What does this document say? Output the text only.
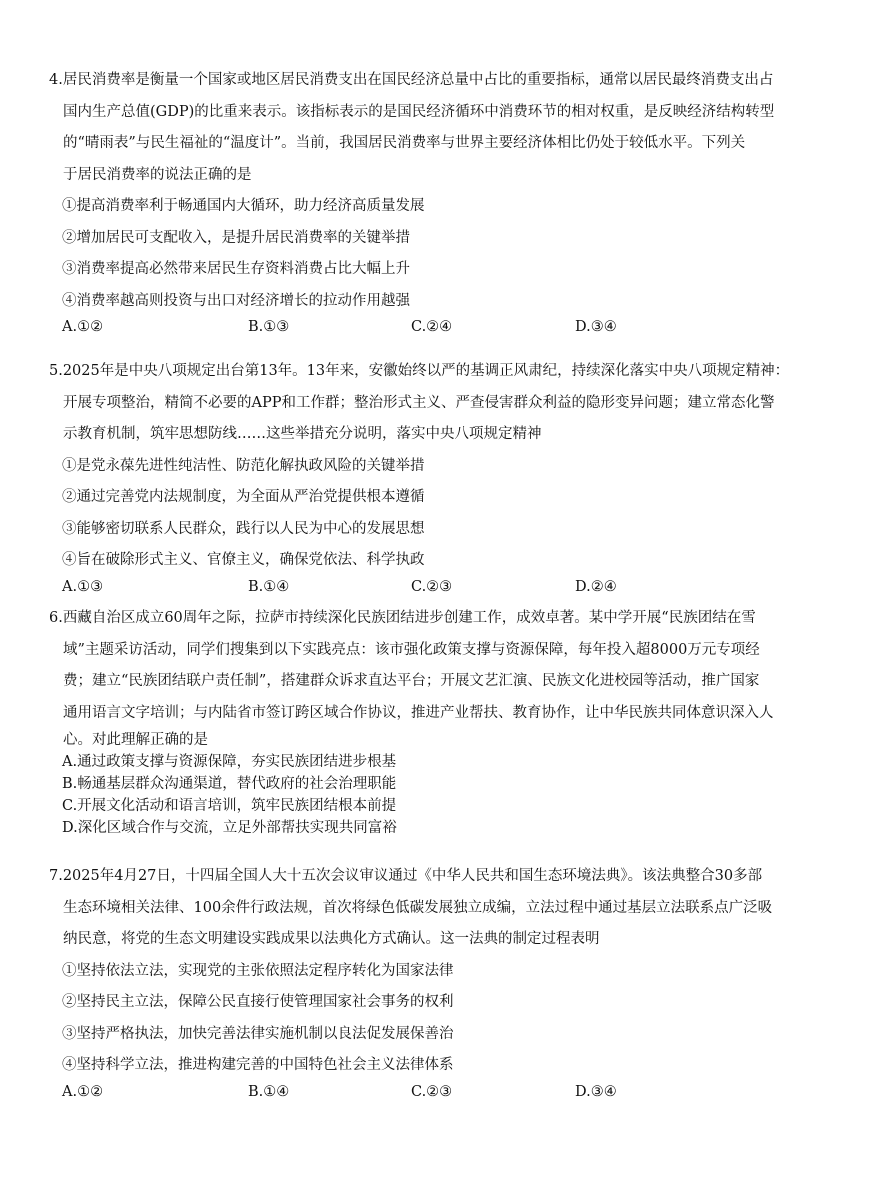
4.居民消费率是衡量一个国家或地区居民消费支出在国民经济总量中占比的重要指标，通常以居民最终消费支出占
国内生产总值(GDP)的比重来表示。该指标表示的是国民经济循环中消费环节的相对权重，是反映经济结构转型
的“晴雨表”与民生福祉的“温度计”。当前，我国居民消费率与世界主要经济体相比仍处于较低水平。下列关
于居民消费率的说法正确的是
①提高消费率利于畅通国内大循环，助力经济高质量发展
②增加居民可支配收入，是提升居民消费率的关键举措
③消费率提高必然带来居民生存资料消费占比大幅上升
④消费率越高则投资与出口对经济增长的拉动作用越强
A.①②	B.①③	C.②④	D.③④
5.2025年是中央八项规定出台第13年。13年来，安徽始终以严的基调正风肃纪，持续深化落实中央八项规定精神：
开展专项整治，精简不必要的APP和工作群；整治形式主义、严查侵害群众利益的隐形变异问题；建立常态化警
示教育机制，筑牢思想防线……这些举措充分说明，落实中央八项规定精神
①是党永葆先进性纯洁性、防范化解执政风险的关键举措
②通过完善党内法规制度，为全面从严治党提供根本遵循
③能够密切联系人民群众，践行以人民为中心的发展思想
④旨在破除形式主义、官僚主义，确保党依法、科学执政
A.①③	B.①④	C.②③	D.②④
6.西藏自治区成立60周年之际，拉萨市持续深化民族团结进步创建工作，成效卓著。某中学开展“民族团结在雪
域”主题采访活动，同学们搜集到以下实践亮点：该市强化政策支撑与资源保障，每年投入超8000万元专项经
费；建立“民族团结联户责任制”，搭建群众诉求直达平台；开展文艺汇演、民族文化进校园等活动，推广国家
通用语言文字培训；与内陆省市签订跨区域合作协议，推进产业帮扶、教育协作，让中华民族共同体意识深入人
心。对此理解正确的是
A.通过政策支撑与资源保障，夯实民族团结进步根基
B.畅通基层群众沟通渠道，替代政府的社会治理职能
C.开展文化活动和语言培训，筑牢民族团结根本前提
D.深化区域合作与交流，立足外部帮扶实现共同富裕
7.2025年4月27日，十四届全国人大十五次会议审议通过《中华人民共和国生态环境法典》。该法典整合30多部
生态环境相关法律、100余件行政法规，首次将绿色低碳发展独立成编，立法过程中通过基层立法联系点广泛吸
纳民意，将党的生态文明建设实践成果以法典化方式确认。这一法典的制定过程表明
①坚持依法立法，实现党的主张依照法定程序转化为国家法律
②坚持民主立法，保障公民直接行使管理国家社会事务的权利
③坚持严格执法，加快完善法律实施机制以良法促发展保善治
④坚持科学立法，推进构建完善的中国特色社会主义法律体系
A.①②	B.①④	C.②③	D.③④
